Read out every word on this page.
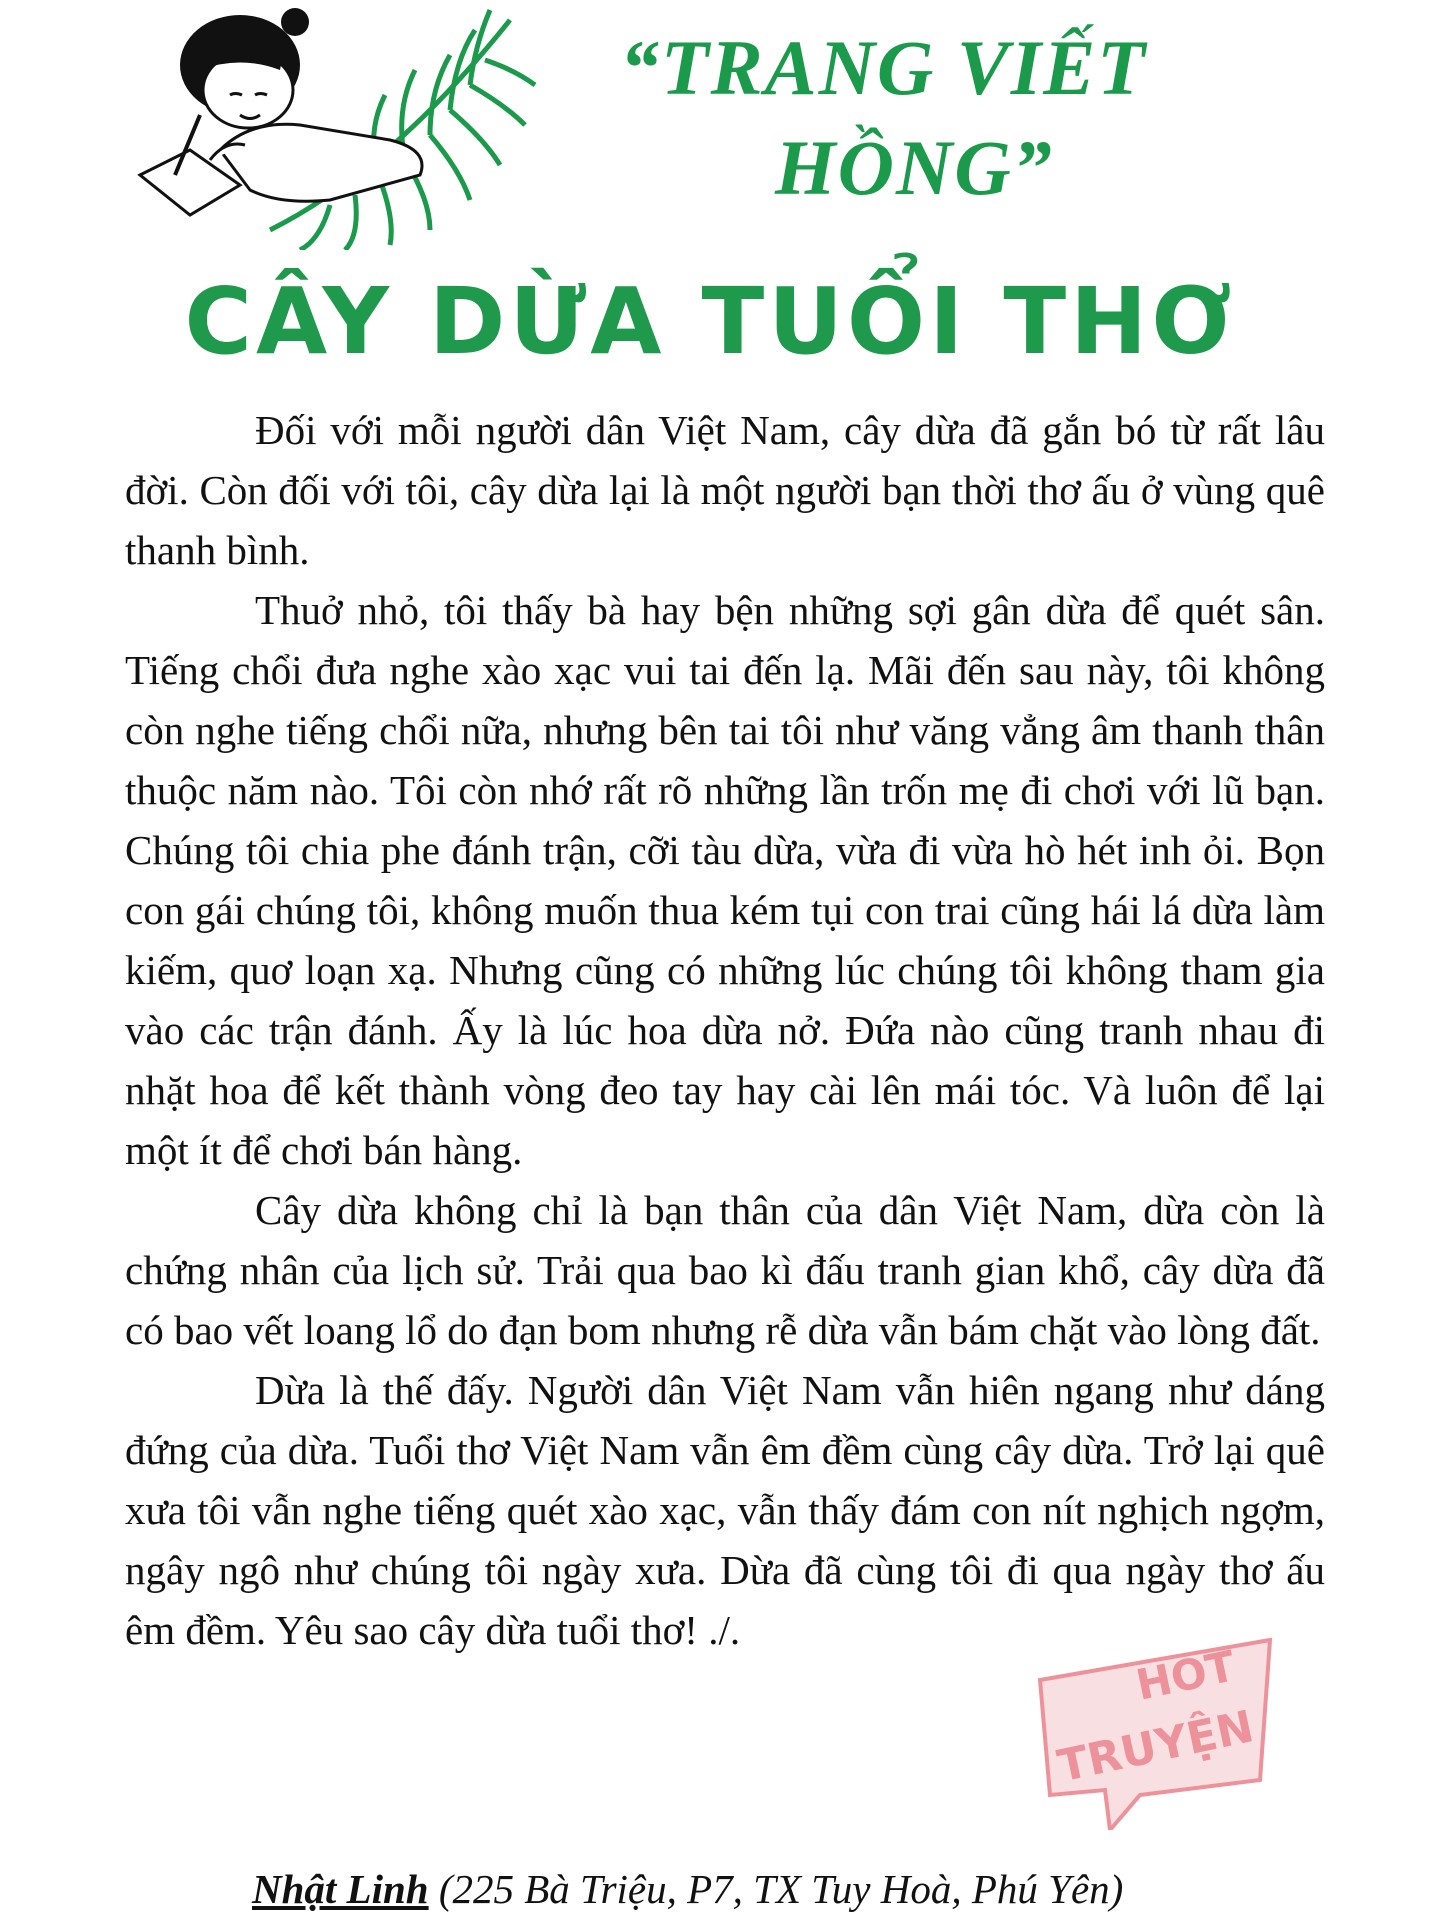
“TRANG VIẾT
HỒNG”
CÂY DỪA TUỔI THƠ

Đối với mỗi người dân Việt Nam, cây dừa đã gắn bó từ rất lâu đời. Còn đối với tôi, cây dừa lại là một người bạn thời thơ ấu ở vùng quê thanh bình.

Thuở nhỏ, tôi thấy bà hay bện những sợi gân dừa để quét sân. Tiếng chổi đưa nghe xào xạc vui tai đến lạ. Mãi đến sau này, tôi không còn nghe tiếng chổi nữa, nhưng bên tai tôi như văng vẳng âm thanh thân thuộc năm nào. Tôi còn nhớ rất rõ những lần trốn mẹ đi chơi với lũ bạn. Chúng tôi chia phe đánh trận, cỡi tàu dừa, vừa đi vừa hò hét inh ỏi. Bọn con gái chúng tôi, không muốn thua kém tụi con trai cũng hái lá dừa làm kiếm, quơ loạn xạ. Nhưng cũng có những lúc chúng tôi không tham gia vào các trận đánh. Ấy là lúc hoa dừa nở. Đứa nào cũng tranh nhau đi nhặt hoa để kết thành vòng đeo tay hay cài lên mái tóc. Và luôn để lại một ít để chơi bán hàng.

Cây dừa không chỉ là bạn thân của dân Việt Nam, dừa còn là chứng nhân của lịch sử. Trải qua bao kì đấu tranh gian khổ, cây dừa đã có bao vết loang lổ do đạn bom nhưng rễ dừa vẫn bám chặt vào lòng đất.

Dừa là thế đấy. Người dân Việt Nam vẫn hiên ngang như dáng đứng của dừa. Tuổi thơ Việt Nam vẫn êm đềm cùng cây dừa. Trở lại quê xưa tôi vẫn nghe tiếng quét xào xạc, vẫn thấy đám con nít nghịch ngợm, ngây ngô như chúng tôi ngày xưa. Dừa đã cùng tôi đi qua ngày thơ ấu êm đềm. Yêu sao cây dừa tuổi thơ! ./.

Nhật Linh (225 Bà Triệu, P7, TX Tuy Hoà, Phú Yên)
HOT
TRUYỆN
